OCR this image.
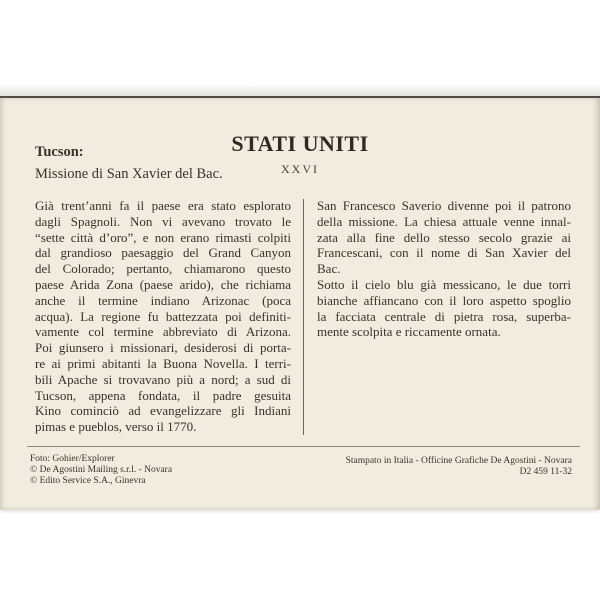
STATI UNITI
XXVI
Tucson:
Missione di San Xavier del Bac.
Già trent’anni fa il paese era stato esplorato
dagli Spagnoli. Non vi avevano trovato le
“sette città d’oro”, e non erano rimasti colpiti
dal grandioso paesaggio del Grand Canyon
del Colorado; pertanto, chiamarono questo
paese Arida Zona (paese arido), che richiama
anche il termine indiano Arizonac (poca
acqua). La regione fu battezzata poi definiti-
vamente col termine abbreviato di Arizona.
Poi giunsero i missionari, desiderosi di porta-
re ai primi abitanti la Buona Novella. I terri-
bili Apache si trovavano più a nord; a sud di
Tucson, appena fondata, il padre gesuita
Kino cominciò ad evangelizzare gli Indiani
pimas e pueblos, verso il 1770.
San Francesco Saverio divenne poi il patrono
della missione. La chiesa attuale venne innal-
zata alla fine dello stesso secolo grazie ai
Francescani, con il nome di San Xavier del
Bac.
Sotto il cielo blu già messicano, le due torri
bianche affiancano con il loro aspetto spoglio
la facciata centrale di pietra rosa, superba-
mente scolpita e riccamente ornata.
Foto: Gohier/Explorer
© De Agostini Mailing s.r.l. - Novara
© Edito Service S.A., Ginevra
Stampato in Italia - Officine Grafiche De Agostini - Novara
D2 459 11-32
